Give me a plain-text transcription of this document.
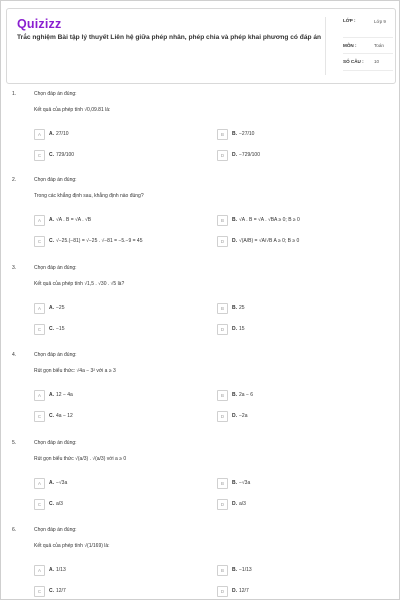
Quizizz
Trắc nghiệm Bài tập lý thuyết Liên hệ giữa phép nhân, phép chia và phép khai phương có đáp án
LỚP :	Lớp 9
MÔN :	Toán
SỐ CÂU : 10
1.	Chọn đáp án đúng:
Kết quả của phép tính √0,09.81 là:
A	A. 27/10	B	B. −27/10
C	C. 729/100	D	D. −729/100
2.	Chọn đáp án đúng:
Trong các khẳng định sau, khẳng định nào đúng?
A	A. √A . B = √A . √B	B	B. √A . B = √A . √BA ≥ 0; B ≥ 0
C	C. √−25.(−81) = √−25 . √−81 = −5.−9 = 45	D	D. √(A/B) = √A/√B A ≥ 0; B ≥ 0
3.	Chọn đáp án đúng:
Kết quả của phép tính √1,5 . √30 . √5 là?
A	A. −25	B	B. 25
C	C. −15	D	D. 15
4.	Chọn đáp án đúng:
Rút gọn biểu thức: √4a − 3² với a ≥ 3
A	A. 12 − 4a	B	B. 2a − 6
C	C. 4a − 12	D	D. −2a
5.	Chọn đáp án đúng:
Rút gọn biểu thức √(a/3) . √(a/3) với a ≥ 0
A	A. −√3a	B	B. −√3a
C	C. a/3	D	D. a/3
6.	Chọn đáp án đúng:
Kết quả của phép tính √(1/169) là:
A	A. 1/13	B	B. −1/13
C	C. 12/7	D	D. 12/7
